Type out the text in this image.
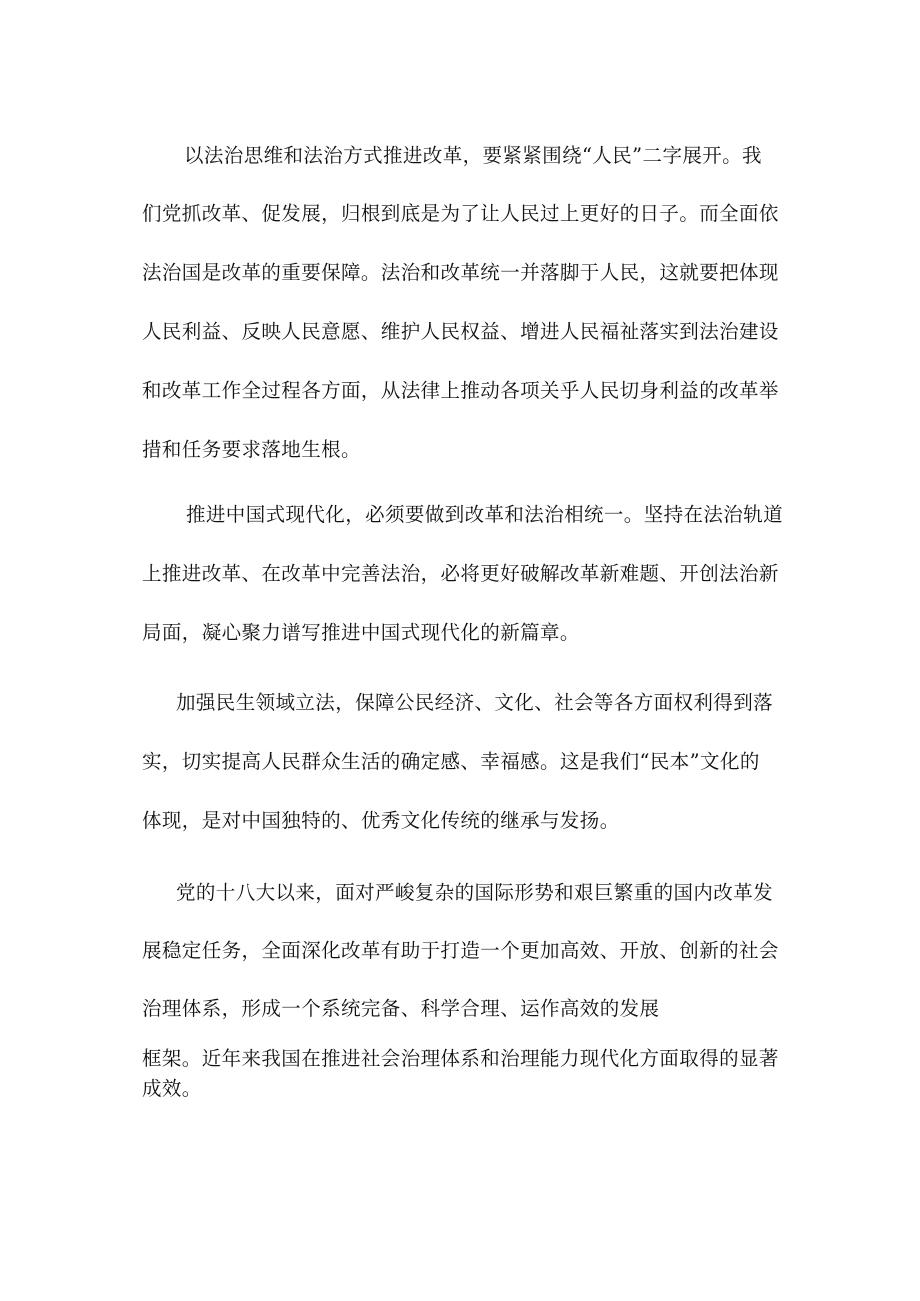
以法治思维和法治方式推进改革，要紧紧围绕“人民”二字展开。我
们党抓改革、促发展，归根到底是为了让人民过上更好的日子。而全面依
法治国是改革的重要保障。法治和改革统一并落脚于人民，这就要把体现
人民利益、反映人民意愿、维护人民权益、增进人民福祉落实到法治建设
和改革工作全过程各方面，从法律上推动各项关乎人民切身利益的改革举
措和任务要求落地生根。
推进中国式现代化，必须要做到改革和法治相统一。坚持在法治轨道
上推进改革、在改革中完善法治，必将更好破解改革新难题、开创法治新
局面，凝心聚力谱写推进中国式现代化的新篇章。
加强民生领域立法，保障公民经济、文化、社会等各方面权利得到落
实，切实提高人民群众生活的确定感、幸福感。这是我们“民本”文化的
体现，是对中国独特的、优秀文化传统的继承与发扬。
党的十八大以来，面对严峻复杂的国际形势和艰巨繁重的国内改革发
展稳定任务，全面深化改革有助于打造一个更加高效、开放、创新的社会
治理体系，形成一个系统完备、科学合理、运作高效的发展
框架。近年来我国在推进社会治理体系和治理能力现代化方面取得的显著
成效。
